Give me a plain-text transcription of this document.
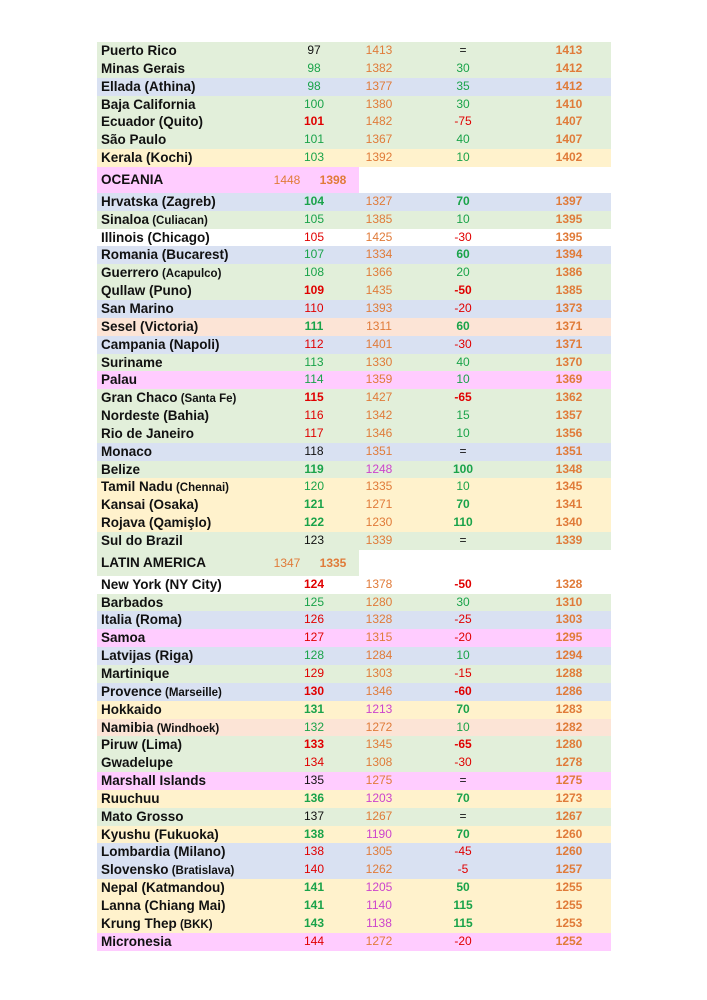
Puerto Rico	97	1413	=	1413
Minas Gerais	98	1382	30	1412
Ellada (Athina)	98	1377	35	1412
Baja California	100	1380	30	1410
Ecuador (Quito)	101	1482	-75	1407
São Paulo	101	1367	40	1407
Kerala (Kochi)	103	1392	10	1402
OCEANIA	1448	1398
Hrvatska (Zagreb)	104	1327	70	1397
Sinaloa (Culiacan)	105	1385	10	1395
Illinois (Chicago)	105	1425	-30	1395
Romania (Bucarest)	107	1334	60	1394
Guerrero (Acapulco)	108	1366	20	1386
Qullaw (Puno)	109	1435	-50	1385
San Marino	110	1393	-20	1373
Sesel (Victoria)	111	1311	60	1371
Campania (Napoli)	112	1401	-30	1371
Suriname	113	1330	40	1370
Palau	114	1359	10	1369
Gran Chaco (Santa Fe)	115	1427	-65	1362
Nordeste (Bahia)	116	1342	15	1357
Rio de Janeiro	117	1346	10	1356
Monaco	118	1351	=	1351
Belize	119	1248	100	1348
Tamil Nadu (Chennai)	120	1335	10	1345
Kansai (Osaka)	121	1271	70	1341
Rojava (Qamişlo)	122	1230	110	1340
Sul do Brazil	123	1339	=	1339
LATIN AMERICA	1347	1335
New York (NY City)	124	1378	-50	1328
Barbados	125	1280	30	1310
Italia (Roma)	126	1328	-25	1303
Samoa	127	1315	-20	1295
Latvijas (Riga)	128	1284	10	1294
Martinique	129	1303	-15	1288
Provence (Marseille)	130	1346	-60	1286
Hokkaido	131	1213	70	1283
Namibia (Windhoek)	132	1272	10	1282
Piruw (Lima)	133	1345	-65	1280
Gwadelupe	134	1308	-30	1278
Marshall Islands	135	1275	=	1275
Ruuchuu	136	1203	70	1273
Mato Grosso	137	1267	=	1267
Kyushu (Fukuoka)	138	1190	70	1260
Lombardia (Milano)	138	1305	-45	1260
Slovensko (Bratislava)	140	1262	-5	1257
Nepal (Katmandou)	141	1205	50	1255
Lanna (Chiang Mai)	141	1140	115	1255
Krung Thep (BKK)	143	1138	115	1253
Micronesia	144	1272	-20	1252
